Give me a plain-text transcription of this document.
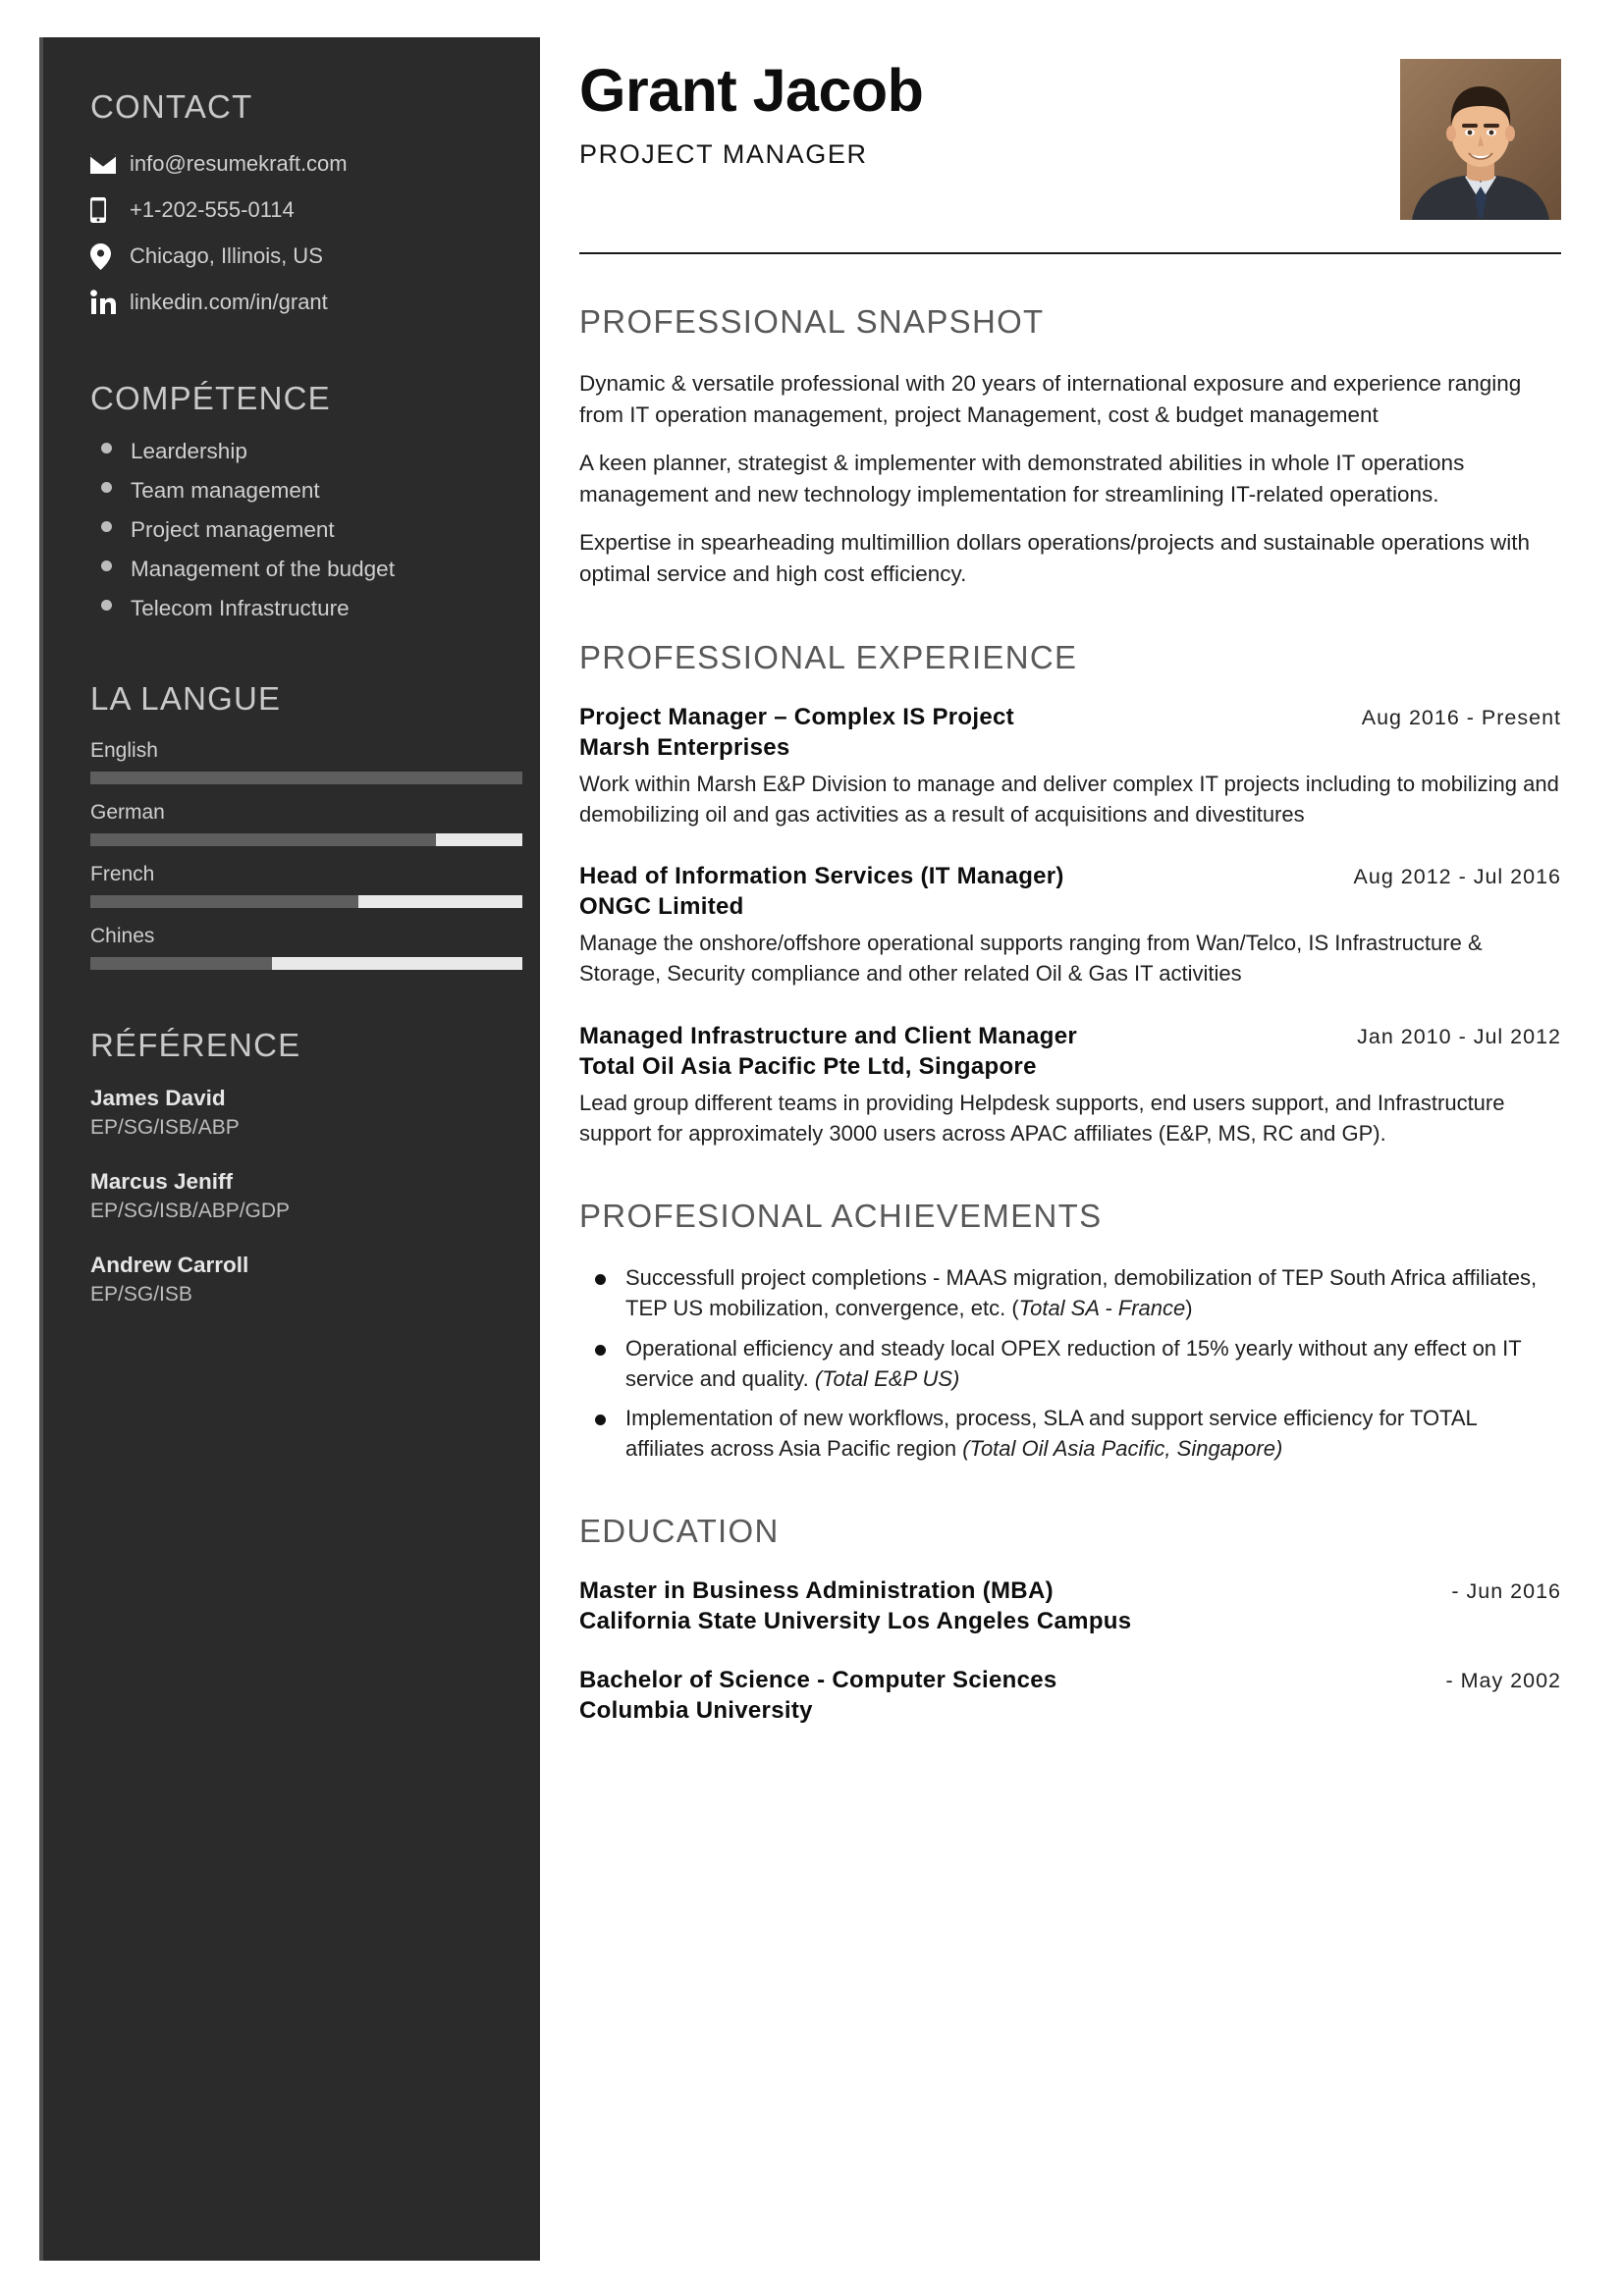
CONTACT
info@resumekraft.com
+1-202-555-0114
Chicago, Illinois, US
linkedin.com/in/grant
COMPÉTENCE
Leardership
Team management
Project management
Management of the budget
Telecom Infrastructure
LA LANGUE
English
German
French
Chines
RÉFÉRENCE
James David
EP/SG/ISB/ABP
Marcus Jeniff
EP/SG/ISB/ABP/GDP
Andrew Carroll
EP/SG/ISB
Grant Jacob
PROJECT MANAGER
PROFESSIONAL SNAPSHOT

Dynamic & versatile professional with 20 years of international exposure and experience ranging from IT operation management, project Management, cost & budget management

A keen planner, strategist & implementer with demonstrated abilities in whole IT operations management and new technology implementation for streamlining IT-related operations.

Expertise in spearheading multimillion dollars operations/projects and sustainable operations with optimal service and high cost efficiency.

PROFESSIONAL EXPERIENCE
Project Manager – Complex IS Project	Aug 2016 - Present
Marsh Enterprises
Work within Marsh E&P Division to manage and deliver complex IT projects including to mobilizing and demobilizing oil and gas activities as a result of acquisitions and divestitures
Head of Information Services (IT Manager)	Aug 2012 - Jul 2016
ONGC Limited
Manage the onshore/offshore operational supports ranging from Wan/Telco, IS Infrastructure & Storage, Security compliance and other related Oil & Gas IT activities
Managed Infrastructure and Client Manager	Jan 2010 - Jul 2012
Total Oil Asia Pacific Pte Ltd, Singapore
Lead group different teams in providing Helpdesk supports, end users support, and Infrastructure support for approximately 3000 users across APAC affiliates (E&P, MS, RC and GP).
PROFESIONAL ACHIEVEMENTS
Successfull project completions - MAAS migration, demobilization of TEP South Africa affiliates, TEP US mobilization, convergence, etc. (Total SA - France)
Operational efficiency and steady local OPEX reduction of 15% yearly without any effect on IT service and quality. (Total E&P US)
Implementation of new workflows, process, SLA and support service efficiency for TOTAL affiliates across Asia Pacific region (Total Oil Asia Pacific, Singapore)
EDUCATION
Master in Business Administration (MBA)	- Jun 2016
California State University Los Angeles Campus
Bachelor of Science - Computer Sciences	- May 2002
Columbia University
